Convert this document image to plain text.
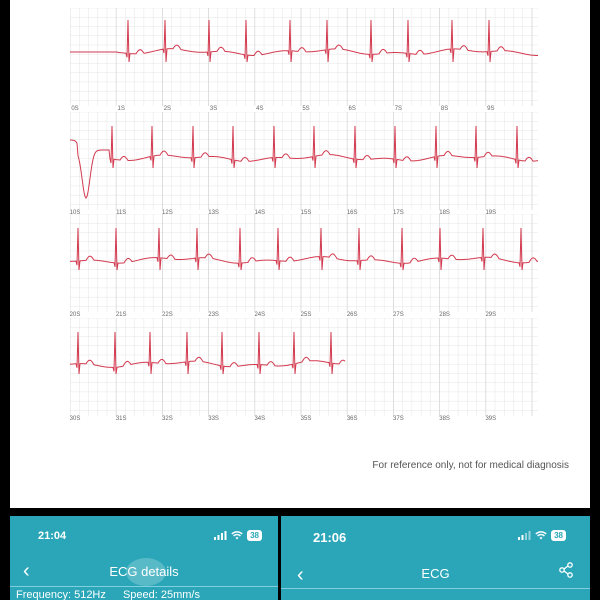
0S	1S	2S	3S	4S	5S	6S	7S	8S	9S
10S	11S	12S	13S	14S	15S	16S	17S	18S	19S
20S	21S	22S	23S	24S	25S	26S	27S	28S	29S
30S	31S	32S	33S	34S	35S	36S	37S	38S	39S
For reference only, not for medical diagnosis
21:04	38
‹	ECG details
Frequency: 512Hz Speed: 25mm/s
21:06	38
‹	ECG
